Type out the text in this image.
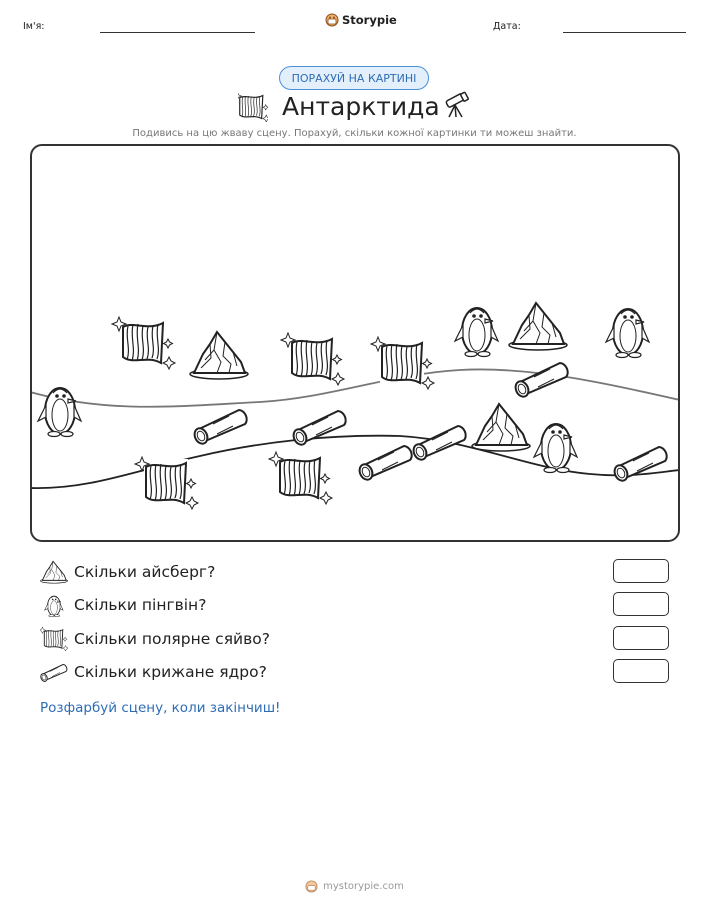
Ім'я:	Storypie	Дата:
ПОРАХУЙ НА КАРТИНІ
Антарктида
Подивись на цю жваву сцену. Порахуй, скільки кожної картинки ти можеш знайти.
Скільки айсберг?
Скільки пінгвін?
Скільки полярне сяйво?
Скільки крижане ядро?
Розфарбуй сцену, коли закінчиш!
mystorypie.com
